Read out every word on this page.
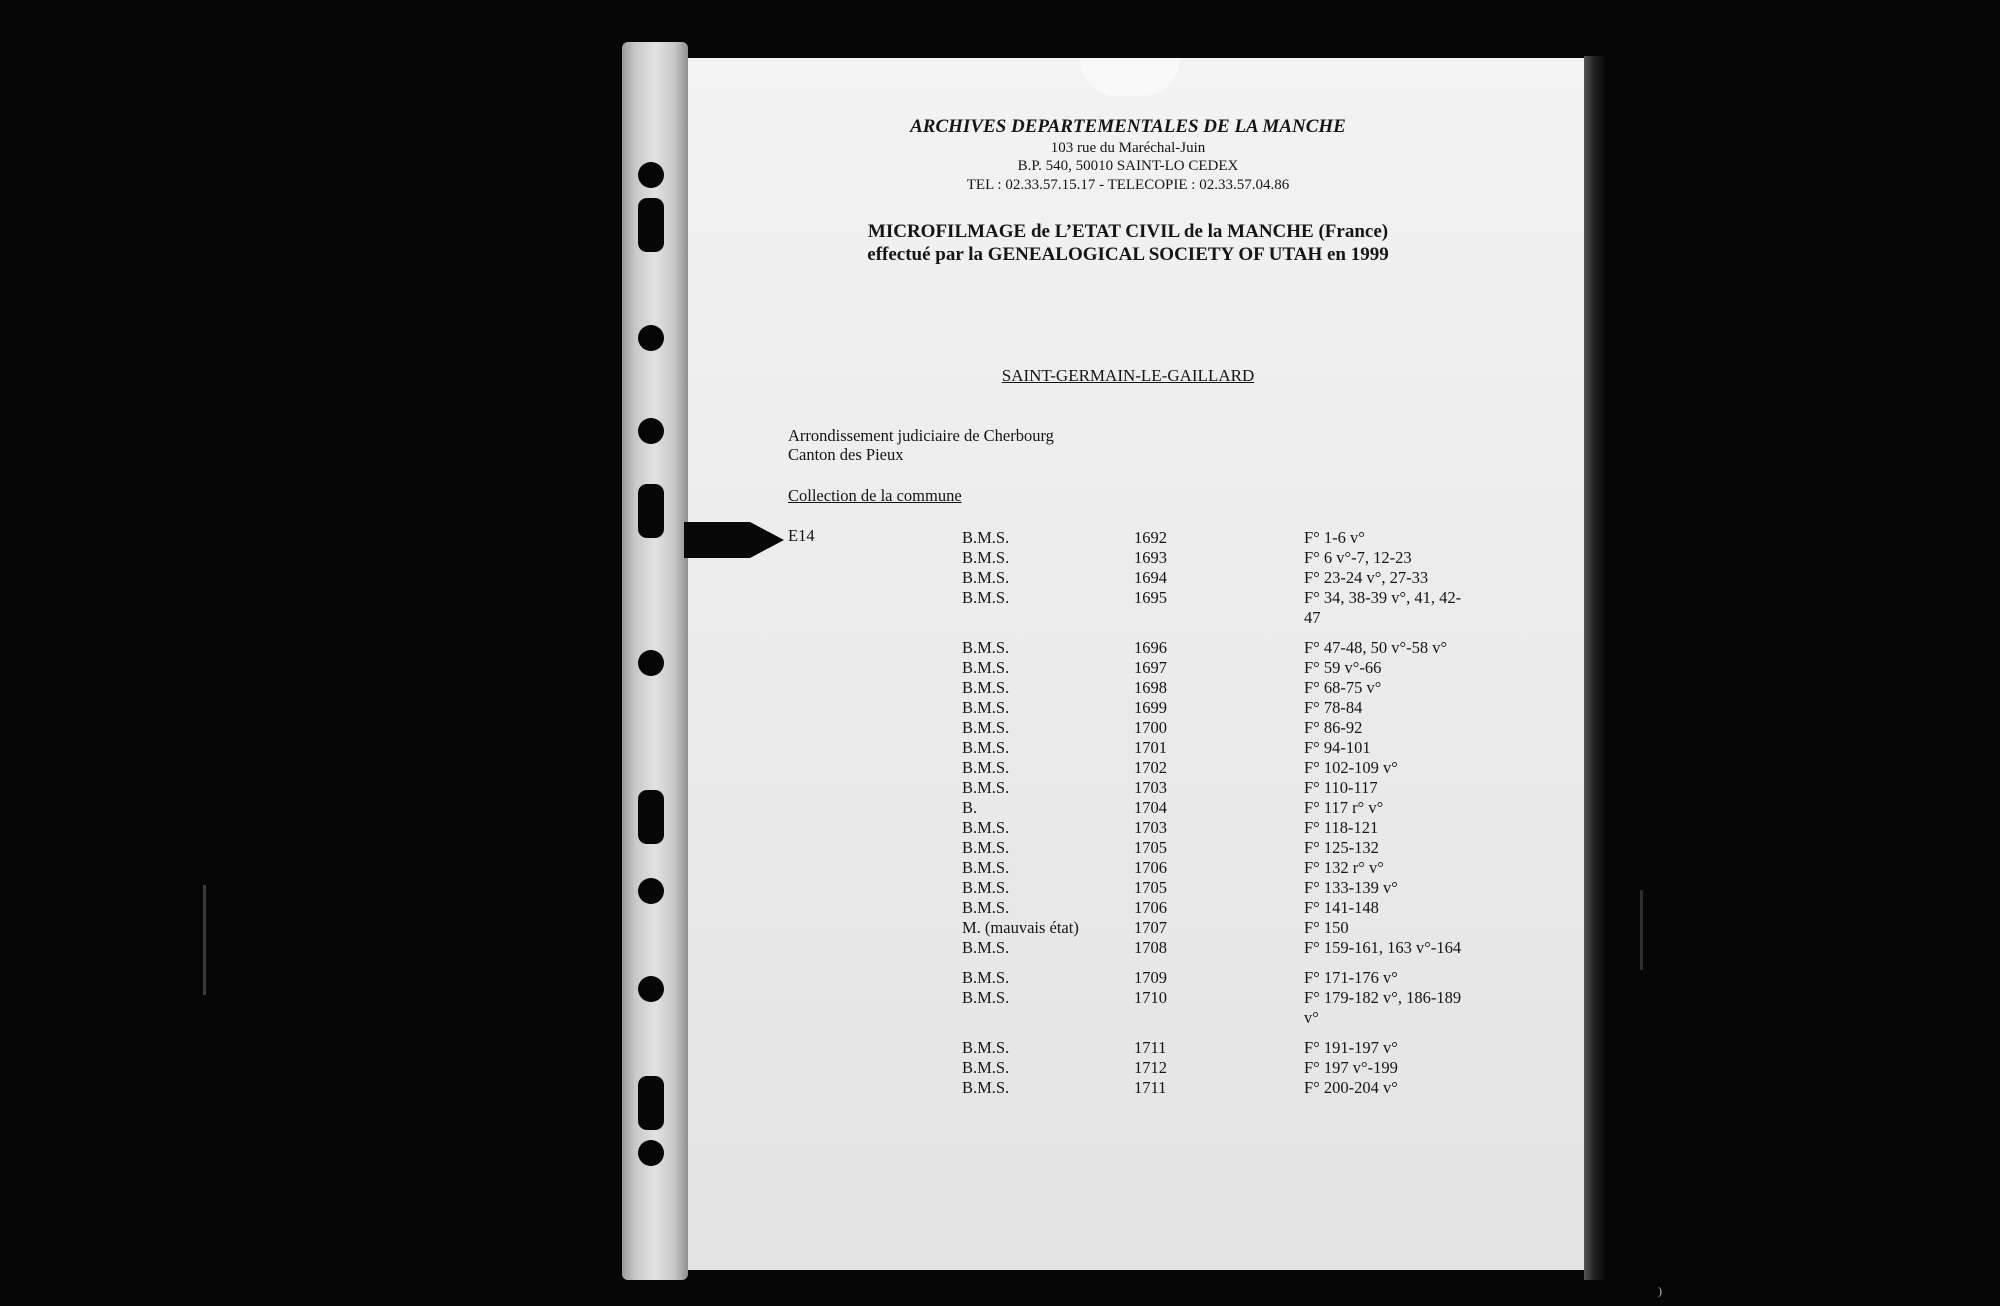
ARCHIVES DEPARTEMENTALES DE LA MANCHE
103 rue du Maréchal-Juin
B.P. 540, 50010 SAINT-LO CEDEX
TEL : 02.33.57.15.17 - TELECOPIE : 02.33.57.04.86
MICROFILMAGE de L’ETAT CIVIL de la MANCHE (France)
effectué par la GENEALOGICAL SOCIETY OF UTAH en 1999
SAINT-GERMAIN-LE-GAILLARD
Arrondissement judiciaire de Cherbourg
Canton des Pieux
Collection de la commune
E14	B.M.S.	1692	F° 1-6 v°
B.M.S.	1693	F° 6 v°-7, 12-23
B.M.S.	1694	F° 23-24 v°, 27-33
B.M.S.	1695	F° 34, 38-39 v°, 41, 42-47
B.M.S.	1696	F° 47-48, 50 v°-58 v°
B.M.S.	1697	F° 59 v°-66
B.M.S.	1698	F° 68-75 v°
B.M.S.	1699	F° 78-84
B.M.S.	1700	F° 86-92
B.M.S.	1701	F° 94-101
B.M.S.	1702	F° 102-109 v°
B.M.S.	1703	F° 110-117
B.	1704	F° 117 r° v°
B.M.S.	1703	F° 118-121
B.M.S.	1705	F° 125-132
B.M.S.	1706	F° 132 r° v°
B.M.S.	1705	F° 133-139 v°
B.M.S.	1706	F° 141-148
M. (mauvais état)	1707	F° 150
B.M.S.	1708	F° 159-161, 163 v°-164
B.M.S.	1709	F° 171-176 v°
B.M.S.	1710	F° 179-182 v°, 186-189 v°
B.M.S.	1711	F° 191-197 v°
B.M.S.	1712	F° 197 v°-199
B.M.S.	1711	F° 200-204 v°
)
